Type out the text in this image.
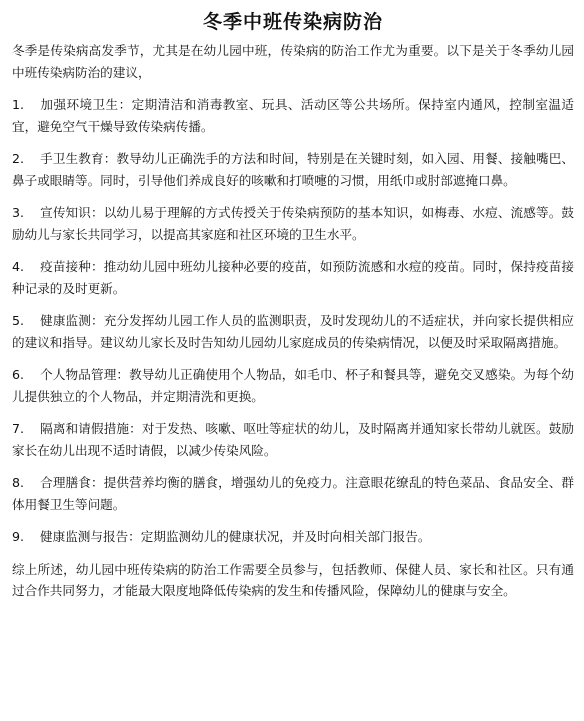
冬季中班传染病防治

冬季是传染病高发季节，尤其是在幼儿园中班，传染病的防治工作尤为重要。以下是关于冬季幼儿园中班传染病防治的建议，

1. 加强环境卫生：定期清洁和消毒教室、玩具、活动区等公共场所。保持室内通风，控制室温适宜，避免空气干燥导致传染病传播。

2. 手卫生教育：教导幼儿正确洗手的方法和时间，特别是在关键时刻，如入园、用餐、接触嘴巴、鼻子或眼睛等。同时，引导他们养成良好的咳嗽和打喷嚏的习惯，用纸巾或肘部遮掩口鼻。

3. 宣传知识：以幼儿易于理解的方式传授关于传染病预防的基本知识，如梅毒、水痘、流感等。鼓励幼儿与家长共同学习，以提高其家庭和社区环境的卫生水平。

4. 疫苗接种：推动幼儿园中班幼儿接种必要的疫苗，如预防流感和水痘的疫苗。同时，保持疫苗接种记录的及时更新。

5. 健康监测：充分发挥幼儿园工作人员的监测职责，及时发现幼儿的不适症状，并向家长提供相应的建议和指导。建议幼儿家长及时告知幼儿园幼儿家庭成员的传染病情况，以便及时采取隔离措施。

6. 个人物品管理：教导幼儿正确使用个人物品，如毛巾、杯子和餐具等，避免交叉感染。为每个幼儿提供独立的个人物品，并定期清洗和更换。

7. 隔离和请假措施：对于发热、咳嗽、呕吐等症状的幼儿，及时隔离并通知家长带幼儿就医。鼓励家长在幼儿出现不适时请假，以减少传染风险。

8. 合理膳食：提供营养均衡的膳食，增强幼儿的免疫力。注意眼花缭乱的特色菜品、食品安全、群体用餐卫生等问题。

9. 健康监测与报告：定期监测幼儿的健康状况，并及时向相关部门报告。

综上所述，幼儿园中班传染病的防治工作需要全员参与，包括教师、保健人员、家长和社区。只有通过合作共同努力，才能最大限度地降低传染病的发生和传播风险，保障幼儿的健康与安全。
